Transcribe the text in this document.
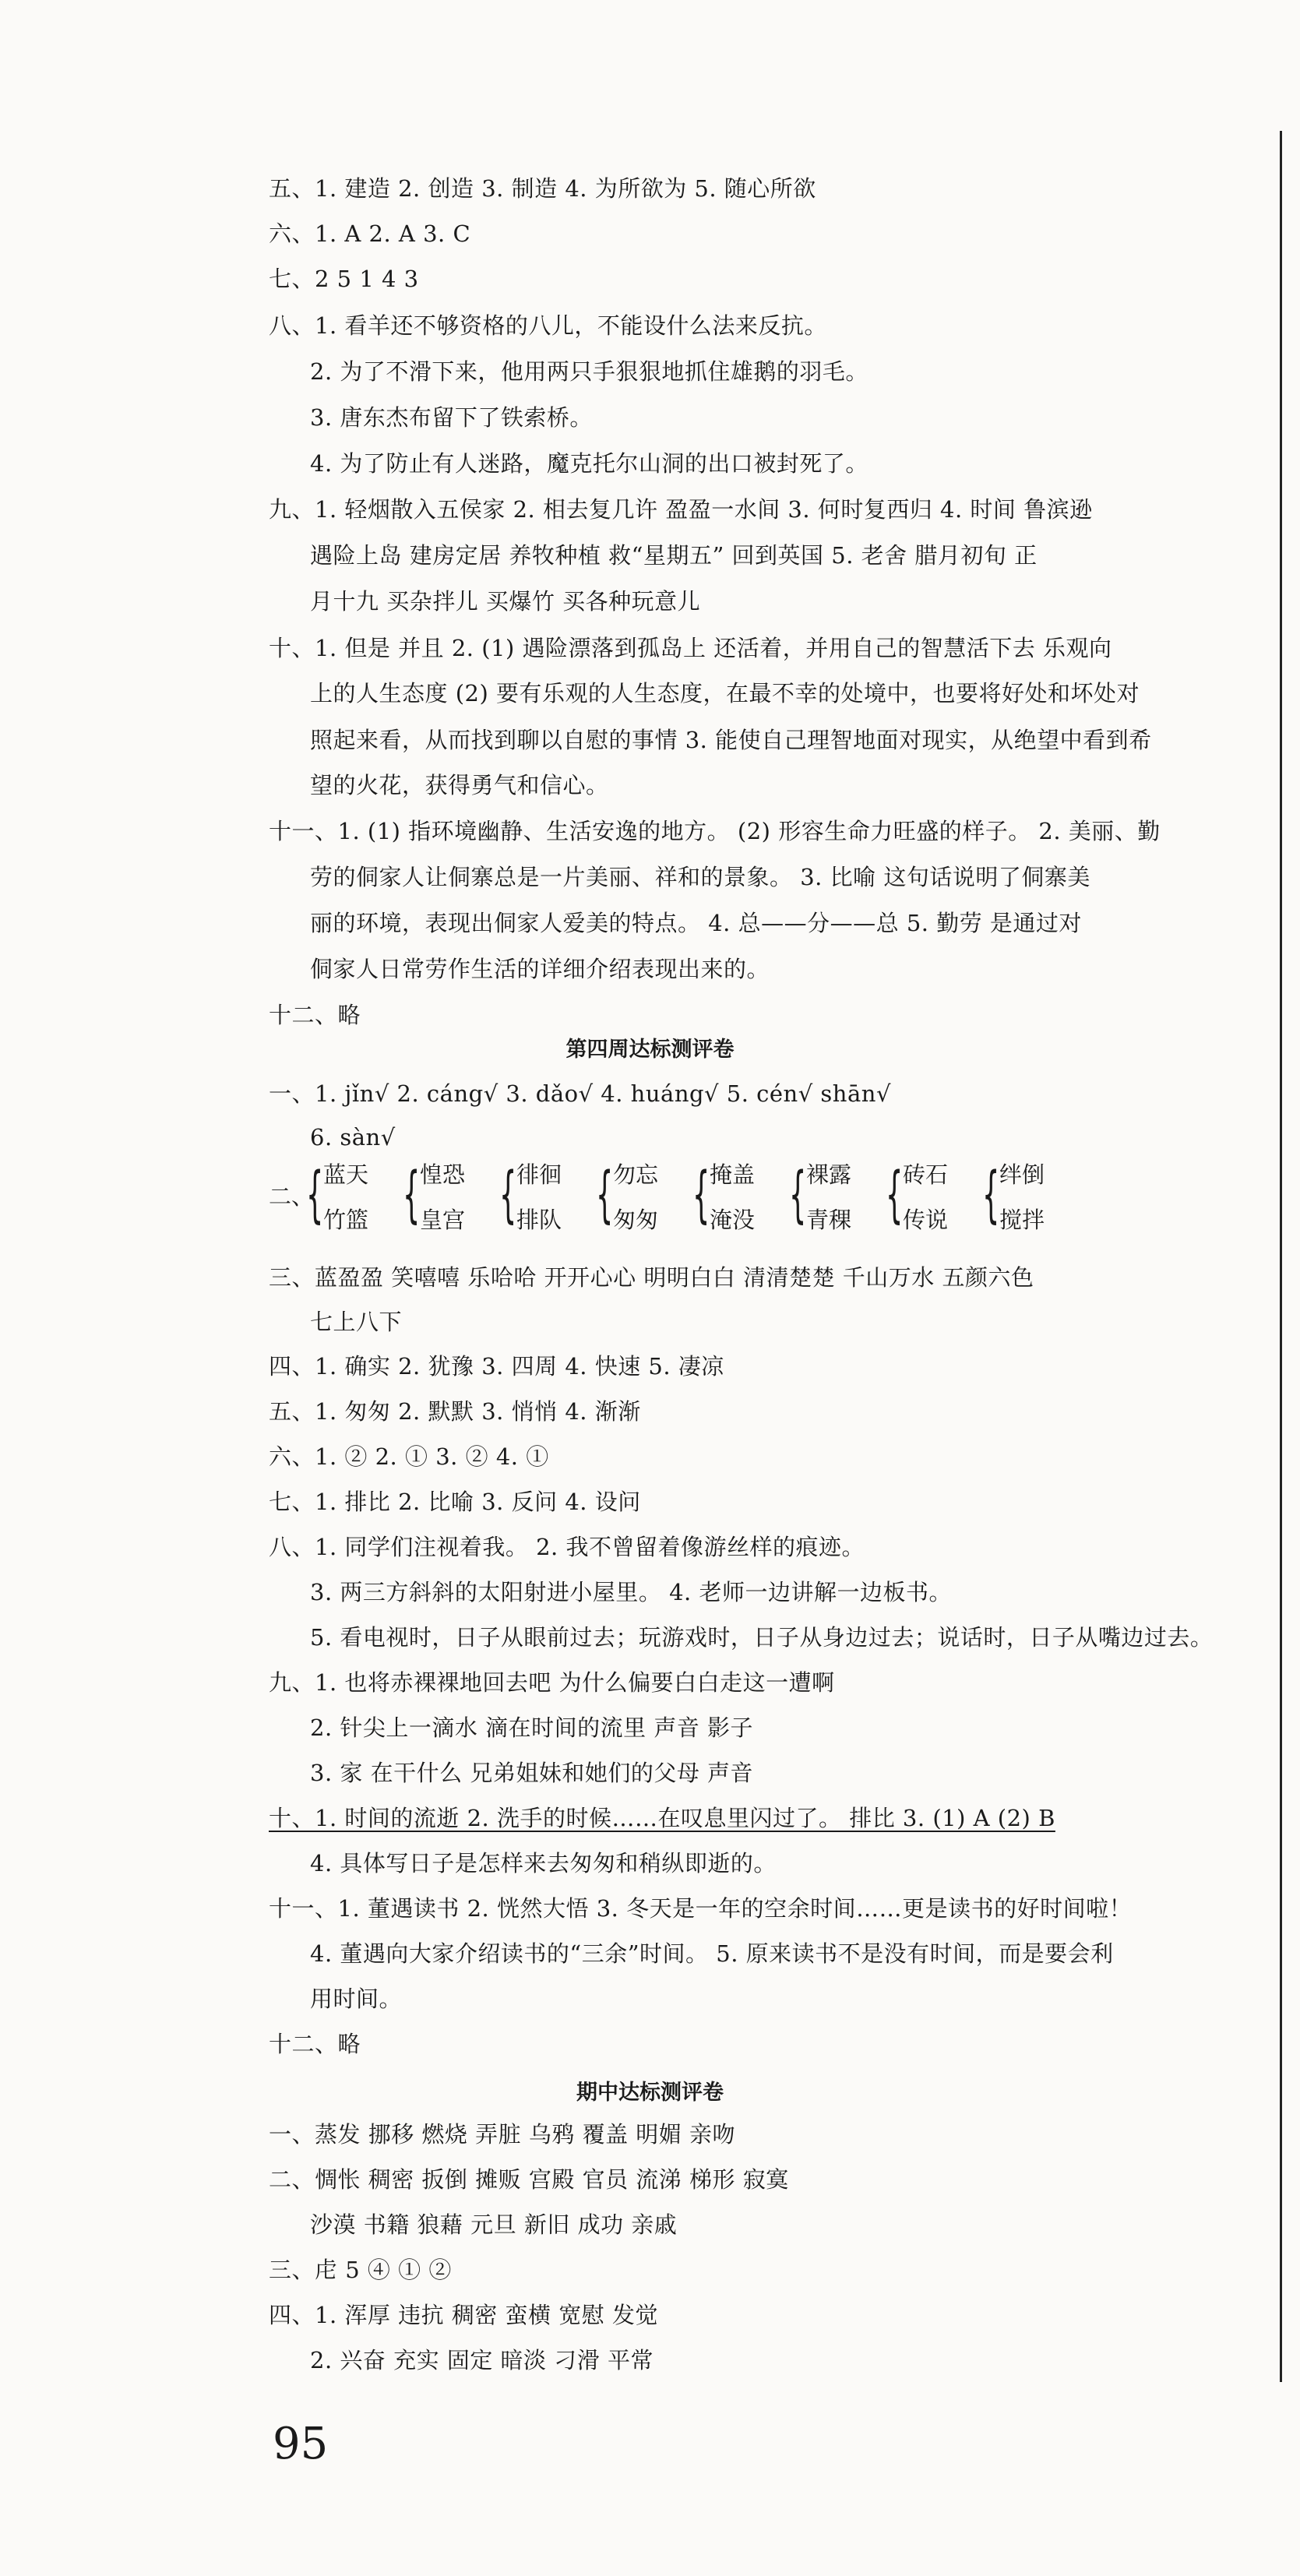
五、1. 建造 2. 创造 3. 制造 4. 为所欲为 5. 随心所欲
六、1. A 2. A 3. C
七、2 5 1 4 3
八、1. 看羊还不够资格的八儿，不能设什么法来反抗。
2. 为了不滑下来，他用两只手狠狠地抓住雄鹅的羽毛。
3. 唐东杰布留下了铁索桥。
4. 为了防止有人迷路，魔克托尔山洞的出口被封死了。
九、1. 轻烟散入五侯家 2. 相去复几许 盈盈一水间 3. 何时复西归 4. 时间 鲁滨逊
遇险上岛 建房定居 养牧种植 救“星期五” 回到英国 5. 老舍 腊月初旬 正
月十九 买杂拌儿 买爆竹 买各种玩意儿
十、1. 但是 并且 2. (1) 遇险漂落到孤岛上 还活着，并用自己的智慧活下去 乐观向
上的人生态度 (2) 要有乐观的人生态度，在最不幸的处境中，也要将好处和坏处对
照起来看，从而找到聊以自慰的事情 3. 能使自己理智地面对现实，从绝望中看到希
望的火花，获得勇气和信心。
十一、1. (1) 指环境幽静、生活安逸的地方。 (2) 形容生命力旺盛的样子。 2. 美丽、勤
劳的侗家人让侗寨总是一片美丽、祥和的景象。 3. 比喻 这句话说明了侗寨美
丽的环境，表现出侗家人爱美的特点。 4. 总——分——总 5. 勤劳 是通过对
侗家人日常劳作生活的详细介绍表现出来的。
十二、略
第四周达标测评卷
一、1. jǐn√ 2. cáng√ 3. dǎo√ 4. huáng√ 5. cén√ shān√
6. sàn√
二、
{ 蓝天
竹篮 { 惶恐
皇宫 { 徘徊
排队 { 勿忘
匆匆 { 掩盖
淹没 { 裸露
青稞 { 砖石
传说 { 绊倒
搅拌
三、蓝盈盈 笑嘻嘻 乐哈哈 开开心心 明明白白 清清楚楚 千山万水 五颜六色
七上八下
四、1. 确实 2. 犹豫 3. 四周 4. 快速 5. 凄凉
五、1. 匆匆 2. 默默 3. 悄悄 4. 渐渐
六、1. ② 2. ① 3. ② 4. ①
七、1. 排比 2. 比喻 3. 反问 4. 设问
八、1. 同学们注视着我。 2. 我不曾留着像游丝样的痕迹。
3. 两三方斜斜的太阳射进小屋里。 4. 老师一边讲解一边板书。
5. 看电视时，日子从眼前过去；玩游戏时，日子从身边过去；说话时，日子从嘴边过去。
九、1. 也将赤裸裸地回去吧 为什么偏要白白走这一遭啊
2. 针尖上一滴水 滴在时间的流里 声音 影子
3. 家 在干什么 兄弟姐妹和她们的父母 声音
十、1. 时间的流逝 2. 洗手的时候……在叹息里闪过了。 排比 3. (1) A (2) B
4. 具体写日子是怎样来去匆匆和稍纵即逝的。
十一、1. 董遇读书 2. 恍然大悟 3. 冬天是一年的空余时间……更是读书的好时间啦！
4. 董遇向大家介绍读书的“三余”时间。 5. 原来读书不是没有时间，而是要会利
用时间。
十二、略
期中达标测评卷
一、蒸发 挪移 燃烧 弄脏 乌鸦 覆盖 明媚 亲吻
二、惆怅 稠密 扳倒 摊贩 宫殿 官员 流涕 梯形 寂寞
沙漠 书籍 狼藉 元旦 新旧 成功 亲戚
三、虍 5 ④ ① ②
四、1. 浑厚 违抗 稠密 蛮横 宽慰 发觉
2. 兴奋 充实 固定 暗淡 刁滑 平常
95
